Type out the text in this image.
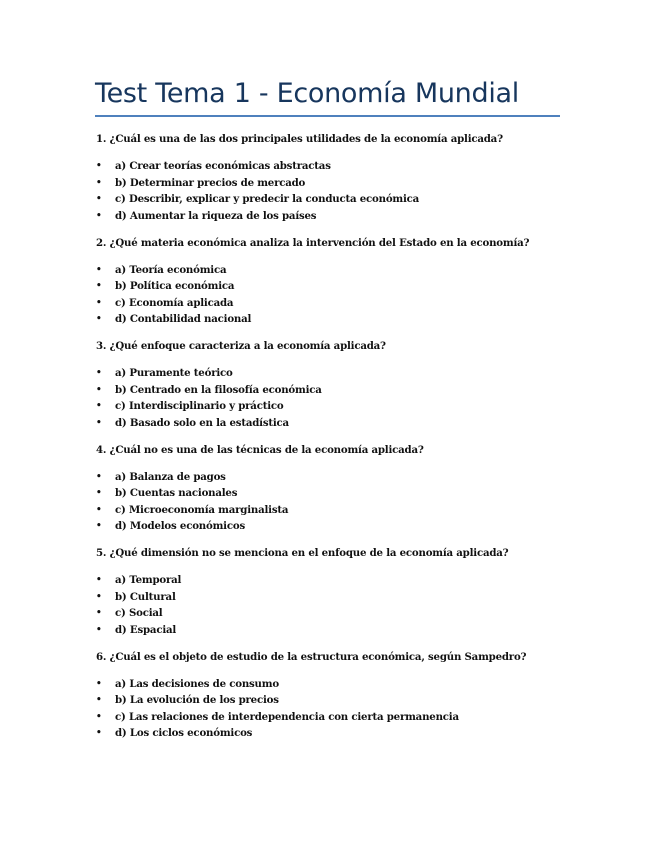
Test Tema 1 - Economía Mundial
1. ¿Cuál es una de las dos principales utilidades de la economía aplicada?
• a) Crear teorías económicas abstractas
• b) Determinar precios de mercado
• c) Describir, explicar y predecir la conducta económica
• d) Aumentar la riqueza de los países
2. ¿Qué materia económica analiza la intervención del Estado en la economía?
• a) Teoría económica
• b) Política económica
• c) Economía aplicada
• d) Contabilidad nacional
3. ¿Qué enfoque caracteriza a la economía aplicada?
• a) Puramente teórico
• b) Centrado en la filosofía económica
• c) Interdisciplinario y práctico
• d) Basado solo en la estadística
4. ¿Cuál no es una de las técnicas de la economía aplicada?
• a) Balanza de pagos
• b) Cuentas nacionales
• c) Microeconomía marginalista
• d) Modelos económicos
5. ¿Qué dimensión no se menciona en el enfoque de la economía aplicada?
• a) Temporal
• b) Cultural
• c) Social
• d) Espacial
6. ¿Cuál es el objeto de estudio de la estructura económica, según Sampedro?
• a) Las decisiones de consumo
• b) La evolución de los precios
• c) Las relaciones de interdependencia con cierta permanencia
• d) Los ciclos económicos
